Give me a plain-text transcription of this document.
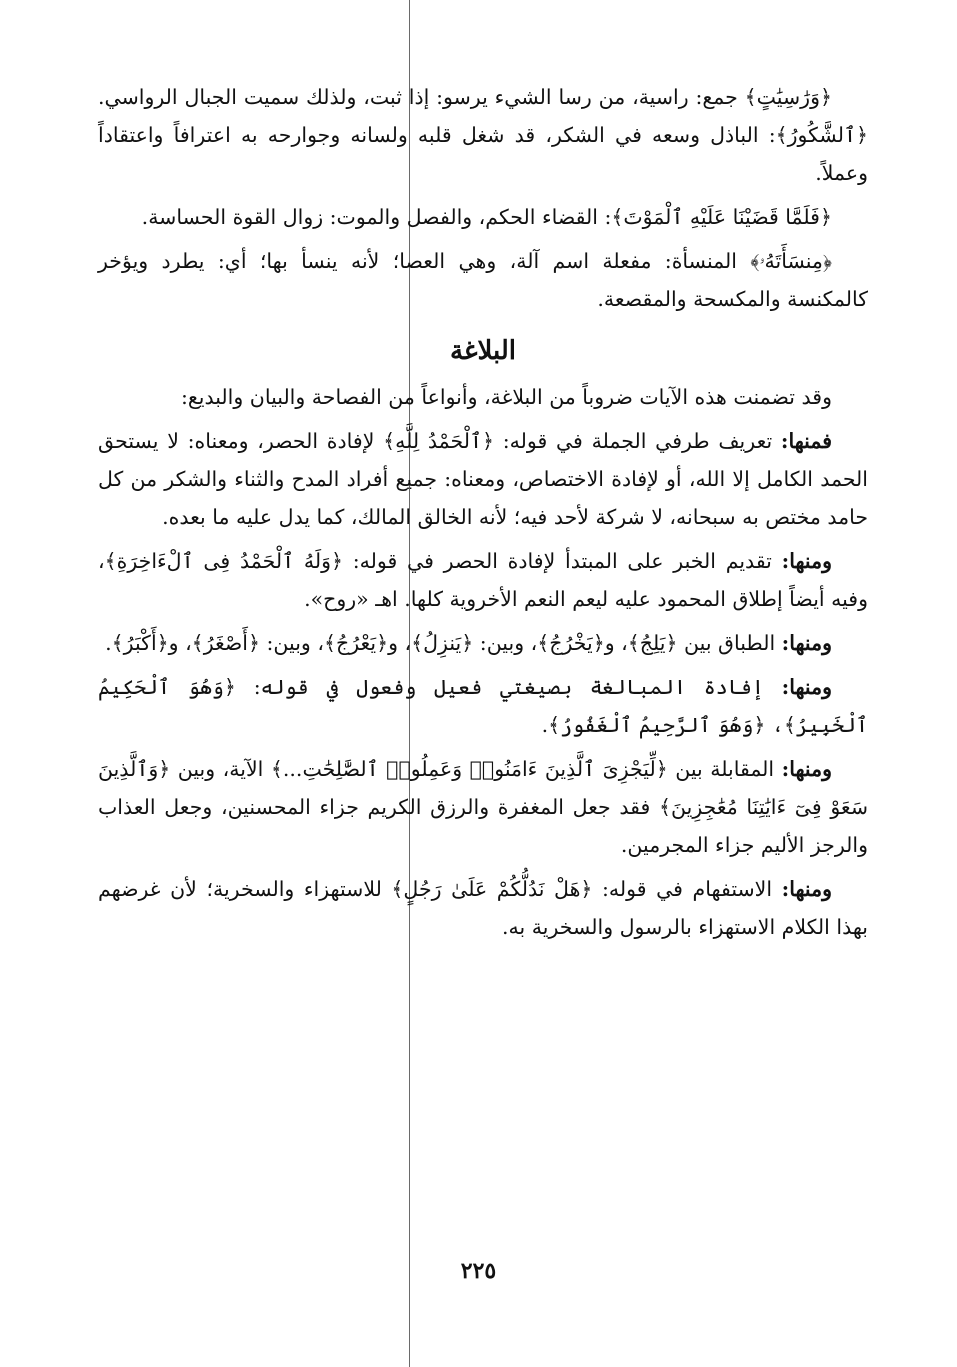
﴿وَرَٰسِيَٰتٍ﴾ جمع: راسية، من رسا الشيء يرسو: إذا ثبت، ولذلك سميت الجبال الرواسي. ﴿ٱلشَّكُورُ﴾: الباذل وسعه في الشكر، قد شغل قلبه ولسانه وجوارحه به اعترافاً واعتقاداً وعملاً.

﴿فَلَمَّا قَضَيْنَا عَلَيْهِ ٱلْمَوْتَ﴾: القضاء الحكم، والفصل والموت: زوال القوة الحساسة.

﴿مِنسَأَتَهُۥ﴾ المنسأة: مفعلة اسم آلة، وهي العصا؛ لأنه ينسأ بها؛ أي: يطرد ويؤخر كالمكنسة والمكسحة والمقصعة.

البلاغة

وقد تضمنت هذه الآيات ضروباً من البلاغة، وأنواعاً من الفصاحة والبيان والبديع:

فمنها: تعريف طرفي الجملة في قوله: ﴿ٱلْحَمْدُ لِلَّهِ﴾ لإفادة الحصر، ومعناه: لا يستحق الحمد الكامل إلا الله، أو لإفادة الاختصاص، ومعناه: جميع أفراد المدح والثناء والشكر من كل حامد مختص به سبحانه، لا شركة لأحد فيه؛ لأنه الخالق المالك، كما يدل عليه ما بعده.

ومنها: تقديم الخبر على المبتدأ لإفادة الحصر في قوله: ﴿وَلَهُ ٱلْحَمْدُ فِى ٱلْءَاخِرَةِ﴾، وفيه أيضاً إطلاق المحمود عليه ليعم النعم الأخروية كلها. اهـ «روح».

ومنها: الطباق بين ﴿يَلِجُ﴾، و﴿يَخْرُجُ﴾، وبين: ﴿يَنزِلُ﴾، و﴿يَعْرُجُ﴾، وبين: ﴿أَصْغَرُ﴾، و﴿أَكْبَرُ﴾.

ومنها: إفادة المبالغة بصيغتي فعيل وفعول في قوله: ﴿وَهُوَ ٱلْحَكِيمُ ٱلْخَبِيرُ﴾، ﴿وَهُوَ ٱلرَّحِيمُ ٱلْغَفُورُ﴾.

ومنها: المقابلة بين ﴿لِّيَجْزِىَ ٱلَّذِينَ ءَامَنُوا۟ وَعَمِلُوا۟ ٱلصَّٰلِحَٰتِ...﴾ الآية، وبين ﴿وَٱلَّذِينَ سَعَوْ فِىٓ ءَايَٰتِنَا مُعَٰجِزِينَ﴾ فقد جعل المغفرة والرزق الكريم جزاء المحسنين، وجعل العذاب والرجز الأليم جزاء المجرمين.

ومنها: الاستفهام في قوله: ﴿هَلْ نَدُلُّكُمْ عَلَىٰ رَجُلٍ﴾ للاستهزاء والسخرية؛ لأن غرضهم بهذا الكلام الاستهزاء بالرسول والسخرية به.

٢٢٥
